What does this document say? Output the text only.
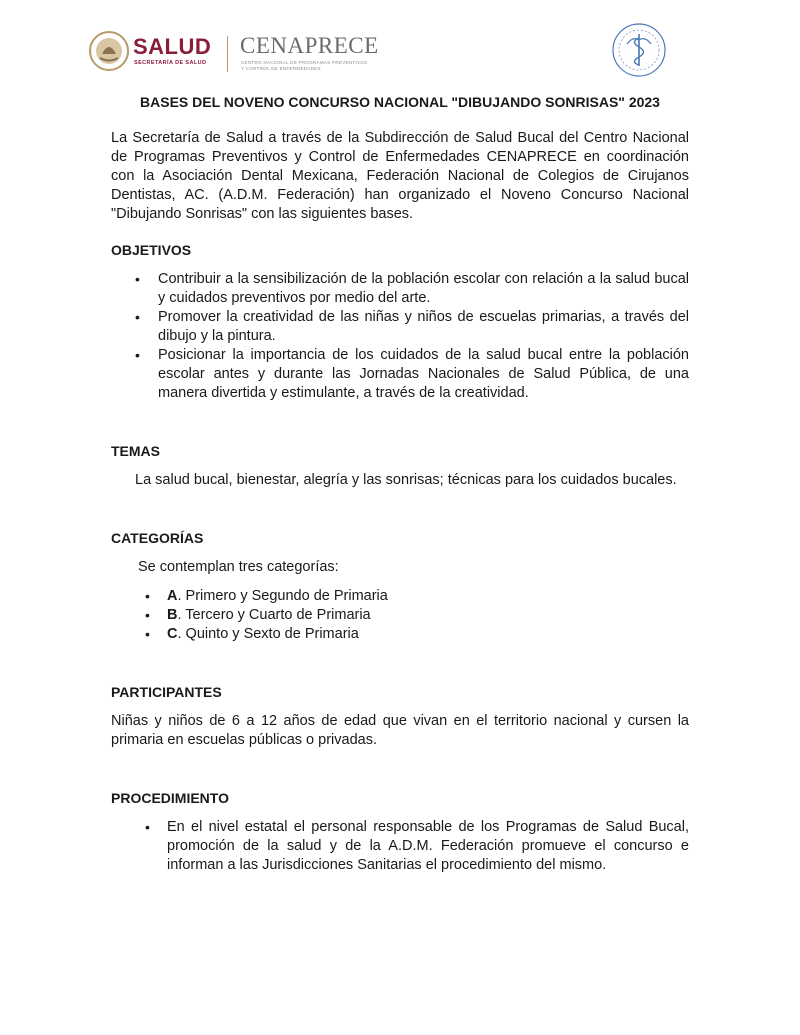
SALUD
SECRETARÍA DE SALUD
CENAPRECE
CENTRO NACIONAL DE PROGRAMAS PREVENTIVOS
Y CONTROL DE ENFERMEDADES
BASES DEL NOVENO CONCURSO NACIONAL "DIBUJANDO SONRISAS" 2023

La Secretaría de Salud a través de la Subdirección de Salud Bucal del Centro Nacional de Programas Preventivos y Control de Enfermedades CENAPRECE en coordinación con la Asociación Dental Mexicana, Federación Nacional de Colegios de Cirujanos Dentistas, AC. (A.D.M. Federación) han organizado el Noveno Concurso Nacional "Dibujando Sonrisas" con las siguientes bases.

OBJETIVOS
• Contribuir a la sensibilización de la población escolar con relación a la salud bucal y cuidados preventivos por medio del arte.
• Promover la creatividad de las niñas y niños de escuelas primarias, a través del dibujo y la pintura.
• Posicionar la importancia de los cuidados de la salud bucal entre la población escolar antes y durante las Jornadas Nacionales de Salud Pública, de una manera divertida y estimulante, a través de la creatividad.
TEMAS

La salud bucal, bienestar, alegría y las sonrisas; técnicas para los cuidados bucales.

CATEGORÍAS

Se contemplan tres categorías:

• A. Primero y Segundo de Primaria
• B. Tercero y Cuarto de Primaria
• C. Quinto y Sexto de Primaria
PARTICIPANTES

Niñas y niños de 6 a 12 años de edad que vivan en el territorio nacional y cursen la primaria en escuelas públicas o privadas.

PROCEDIMIENTO
• En el nivel estatal el personal responsable de los Programas de Salud Bucal, promoción de la salud y de la A.D.M. Federación promueve el concurso e informan a las Jurisdicciones Sanitarias el procedimiento del mismo.
